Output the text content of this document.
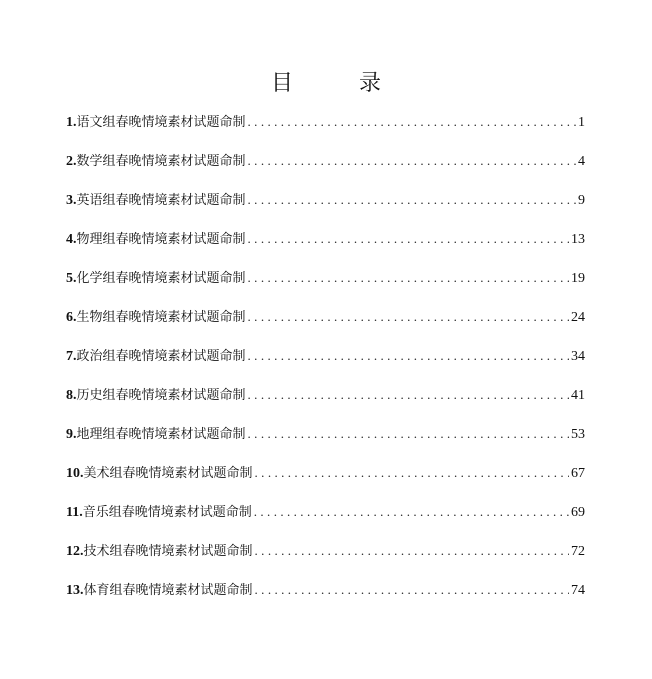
目　录
1. 语文组春晚情境素材试题命制 .....	1
2. 数学组春晚情境素材试题命制 .....	4
3. 英语组春晚情境素材试题命制 .....	9
4. 物理组春晚情境素材试题命制 .....	13
5. 化学组春晚情境素材试题命制 .....	19
6. 生物组春晚情境素材试题命制 .....	24
7. 政治组春晚情境素材试题命制 .....	34
8. 历史组春晚情境素材试题命制 .....	41
9. 地理组春晚情境素材试题命制 .....	53
10. 美术组春晚情境素材试题命制 .....	67
11. 音乐组春晚情境素材试题命制 .....	69
12. 技术组春晚情境素材试题命制 .....	72
13. 体育组春晚情境素材试题命制 .....	74
